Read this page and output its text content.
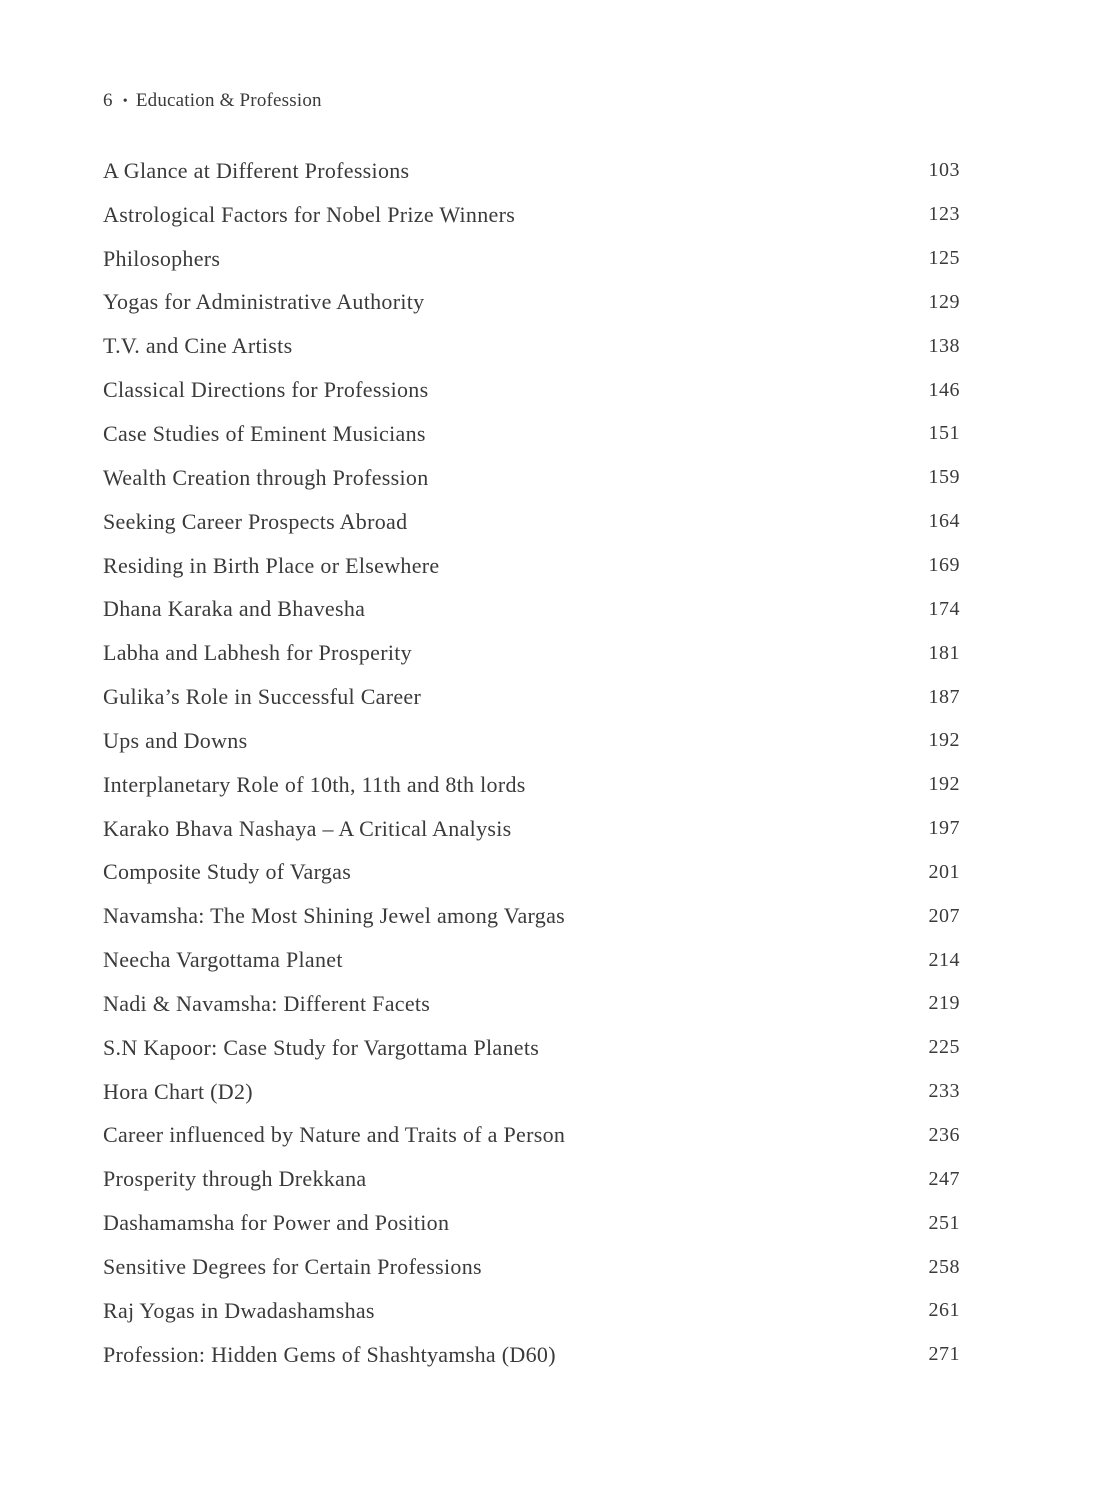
6 • Education & Profession
A Glance at Different Professions	103
Astrological Factors for Nobel Prize Winners	123
Philosophers	125
Yogas for Administrative Authority	129
T.V. and Cine Artists	138
Classical Directions for Professions	146
Case Studies of Eminent Musicians	151
Wealth Creation through Profession	159
Seeking Career Prospects Abroad	164
Residing in Birth Place or Elsewhere	169
Dhana Karaka and Bhavesha	174
Labha and Labhesh for Prosperity	181
Gulika’s Role in Successful Career	187
Ups and Downs	192
Interplanetary Role of 10th, 11th and 8th lords	192
Karako Bhava Nashaya – A Critical Analysis	197
Composite Study of Vargas	201
Navamsha: The Most Shining Jewel among Vargas	207
Neecha Vargottama Planet	214
Nadi & Navamsha: Different Facets	219
S.N Kapoor: Case Study for Vargottama Planets	225
Hora Chart (D2)	233
Career influenced by Nature and Traits of a Person	236
Prosperity through Drekkana	247
Dashamamsha for Power and Position	251
Sensitive Degrees for Certain Professions	258
Raj Yogas in Dwadashamshas	261
Profession: Hidden Gems of Shashtyamsha (D60)	271
